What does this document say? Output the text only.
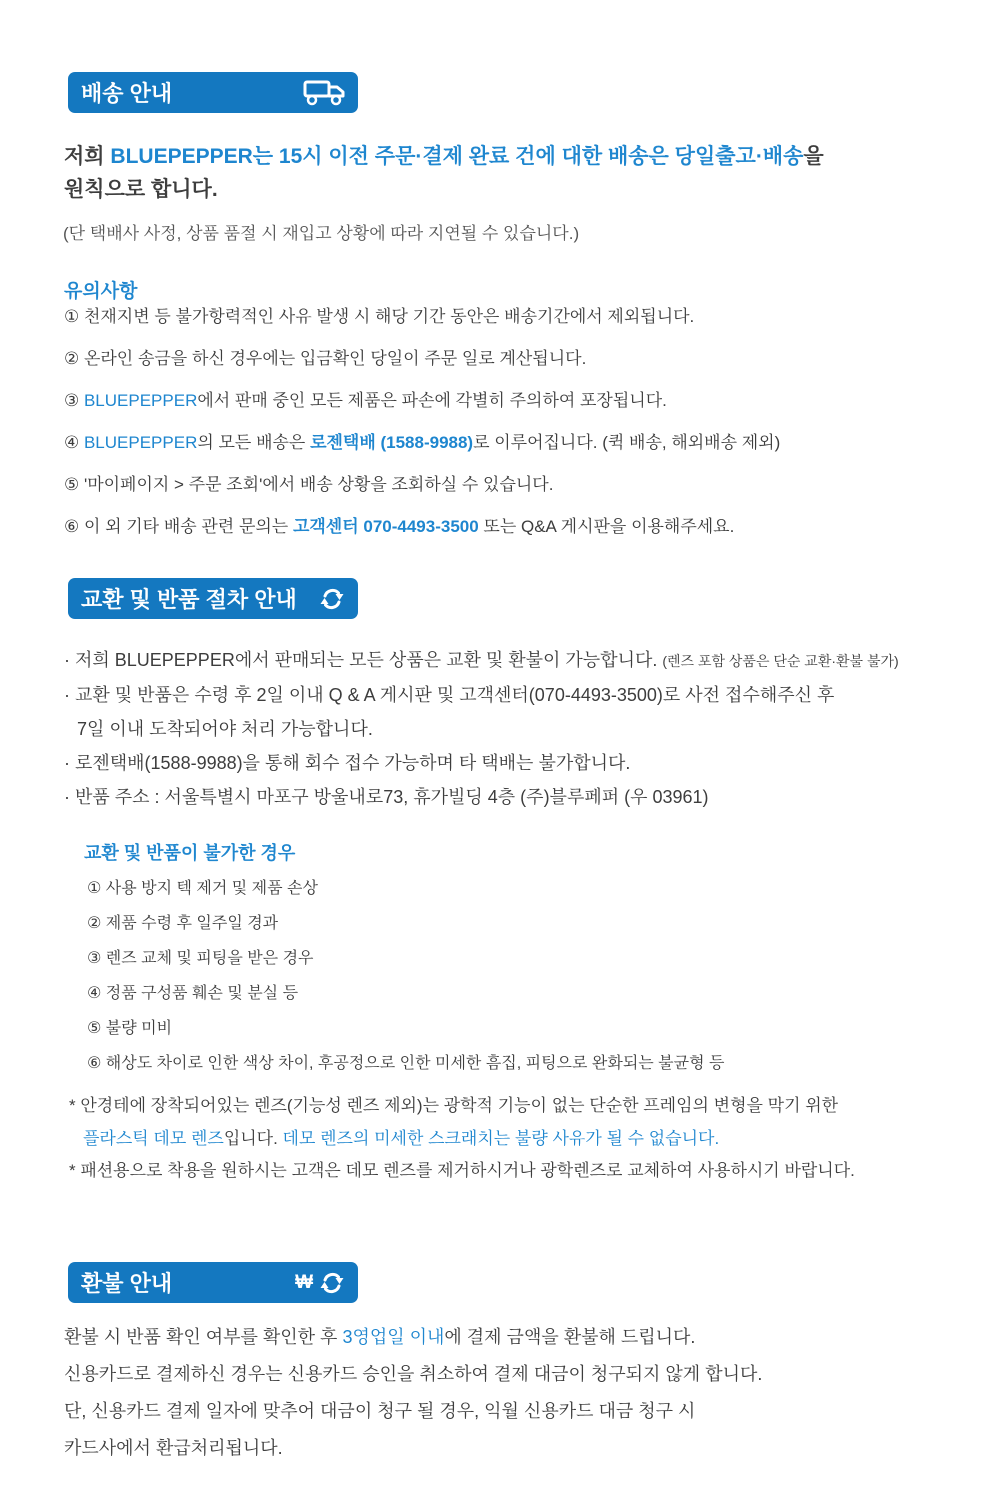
배송 안내
저희 BLUEPEPPER는 15시 이전 주문·결제 완료 건에 대한 배송은 당일출고·배송을
원칙으로 합니다.
(단 택배사 사정, 상품 품절 시 재입고 상황에 따라 지연될 수 있습니다.)
유의사항
① 천재지변 등 불가항력적인 사유 발생 시 해당 기간 동안은 배송기간에서 제외됩니다.
② 온라인 송금을 하신 경우에는 입금확인 당일이 주문 일로 계산됩니다.
③ BLUEPEPPER에서 판매 중인 모든 제품은 파손에 각별히 주의하여 포장됩니다.
④ BLUEPEPPER의 모든 배송은 로젠택배 (1588-9988)로 이루어집니다. (퀵 배송, 해외배송 제외)
⑤ '마이페이지 > 주문 조회'에서 배송 상황을 조회하실 수 있습니다.
⑥ 이 외 기타 배송 관련 문의는 고객센터 070-4493-3500 또는 Q&A 게시판을 이용해주세요.
교환 및 반품 절차 안내
· 저희 BLUEPEPPER에서 판매되는 모든 상품은 교환 및 환불이 가능합니다. (렌즈 포함 상품은 단순 교환·환불 불가)
· 교환 및 반품은 수령 후 2일 이내 Q & A 게시판 및 고객센터(070-4493-3500)로 사전 접수해주신 후
7일 이내 도착되어야 처리 가능합니다.
· 로젠택배(1588-9988)을 통해 회수 접수 가능하며 타 택배는 불가합니다.
· 반품 주소 : 서울특별시 마포구 방울내로73, 휴가빌딩 4층 (주)블루페퍼 (우 03961)
교환 및 반품이 불가한 경우
① 사용 방지 텍 제거 및 제품 손상
② 제품 수령 후 일주일 경과
③ 렌즈 교체 및 피팅을 받은 경우
④ 정품 구성품 훼손 및 분실 등
⑤ 불량 미비
⑥ 해상도 차이로 인한 색상 차이, 후공정으로 인한 미세한 흠집, 피팅으로 완화되는 불균형 등
* 안경테에 장착되어있는 렌즈(기능성 렌즈 제외)는 광학적 기능이 없는 단순한 프레임의 변형을 막기 위한
플라스틱 데모 렌즈입니다. 데모 렌즈의 미세한 스크래치는 불량 사유가 될 수 없습니다.
* 패션용으로 착용을 원하시는 고객은 데모 렌즈를 제거하시거나 광학렌즈로 교체하여 사용하시기 바랍니다.
환불 안내	₩
환불 시 반품 확인 여부를 확인한 후 3영업일 이내에 결제 금액을 환불해 드립니다.
신용카드로 결제하신 경우는 신용카드 승인을 취소하여 결제 대금이 청구되지 않게 합니다.
단, 신용카드 결제 일자에 맞추어 대금이 청구 될 경우, 익월 신용카드 대금 청구 시
카드사에서 환급처리됩니다.
